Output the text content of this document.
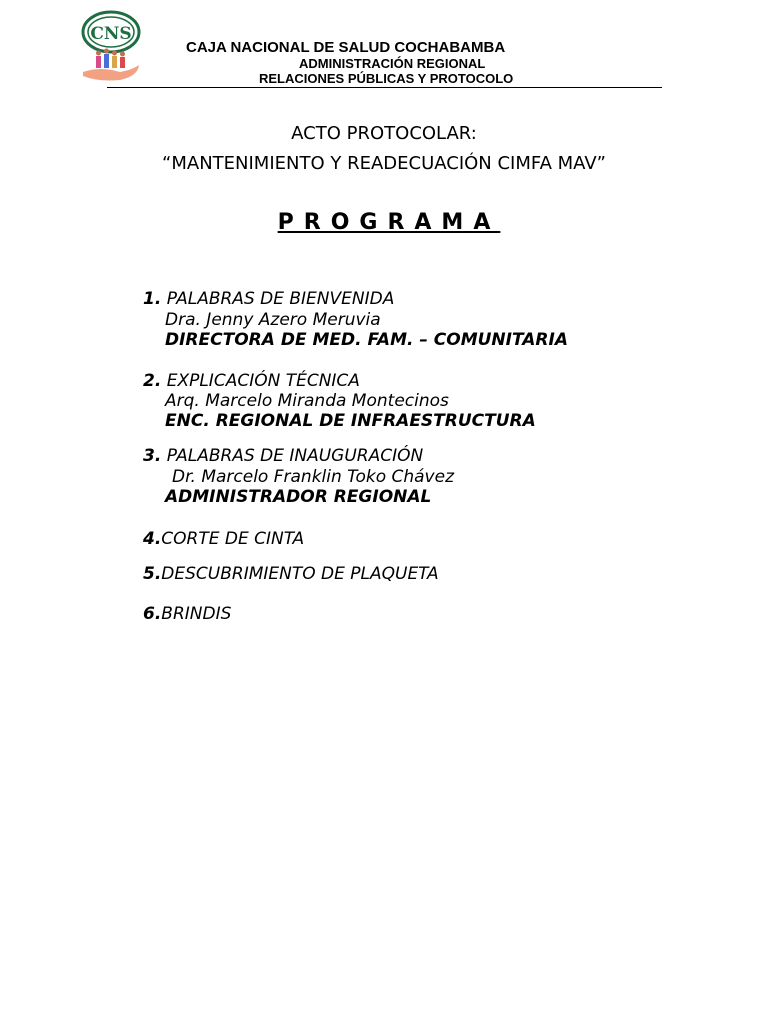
CNS
CAJA NACIONAL DE SALUD COCHABAMBA
ADMINISTRACIÓN REGIONAL
RELACIONES PÚBLICAS Y PROTOCOLO
ACTO PROTOCOLAR:
“MANTENIMIENTO Y READECUACIÓN CIMFA MAV”
PROGRAMA
1. PALABRAS DE BIENVENIDA
Dra. Jenny Azero Meruvia
DIRECTORA DE MED. FAM. – COMUNITARIA
2. EXPLICACIÓN TÉCNICA
Arq. Marcelo Miranda Montecinos
ENC. REGIONAL DE INFRAESTRUCTURA
3. PALABRAS DE INAUGURACIÓN
Dr. Marcelo Franklin Toko Chávez
ADMINISTRADOR REGIONAL
4.CORTE DE CINTA
5.DESCUBRIMIENTO DE PLAQUETA
6.BRINDIS
